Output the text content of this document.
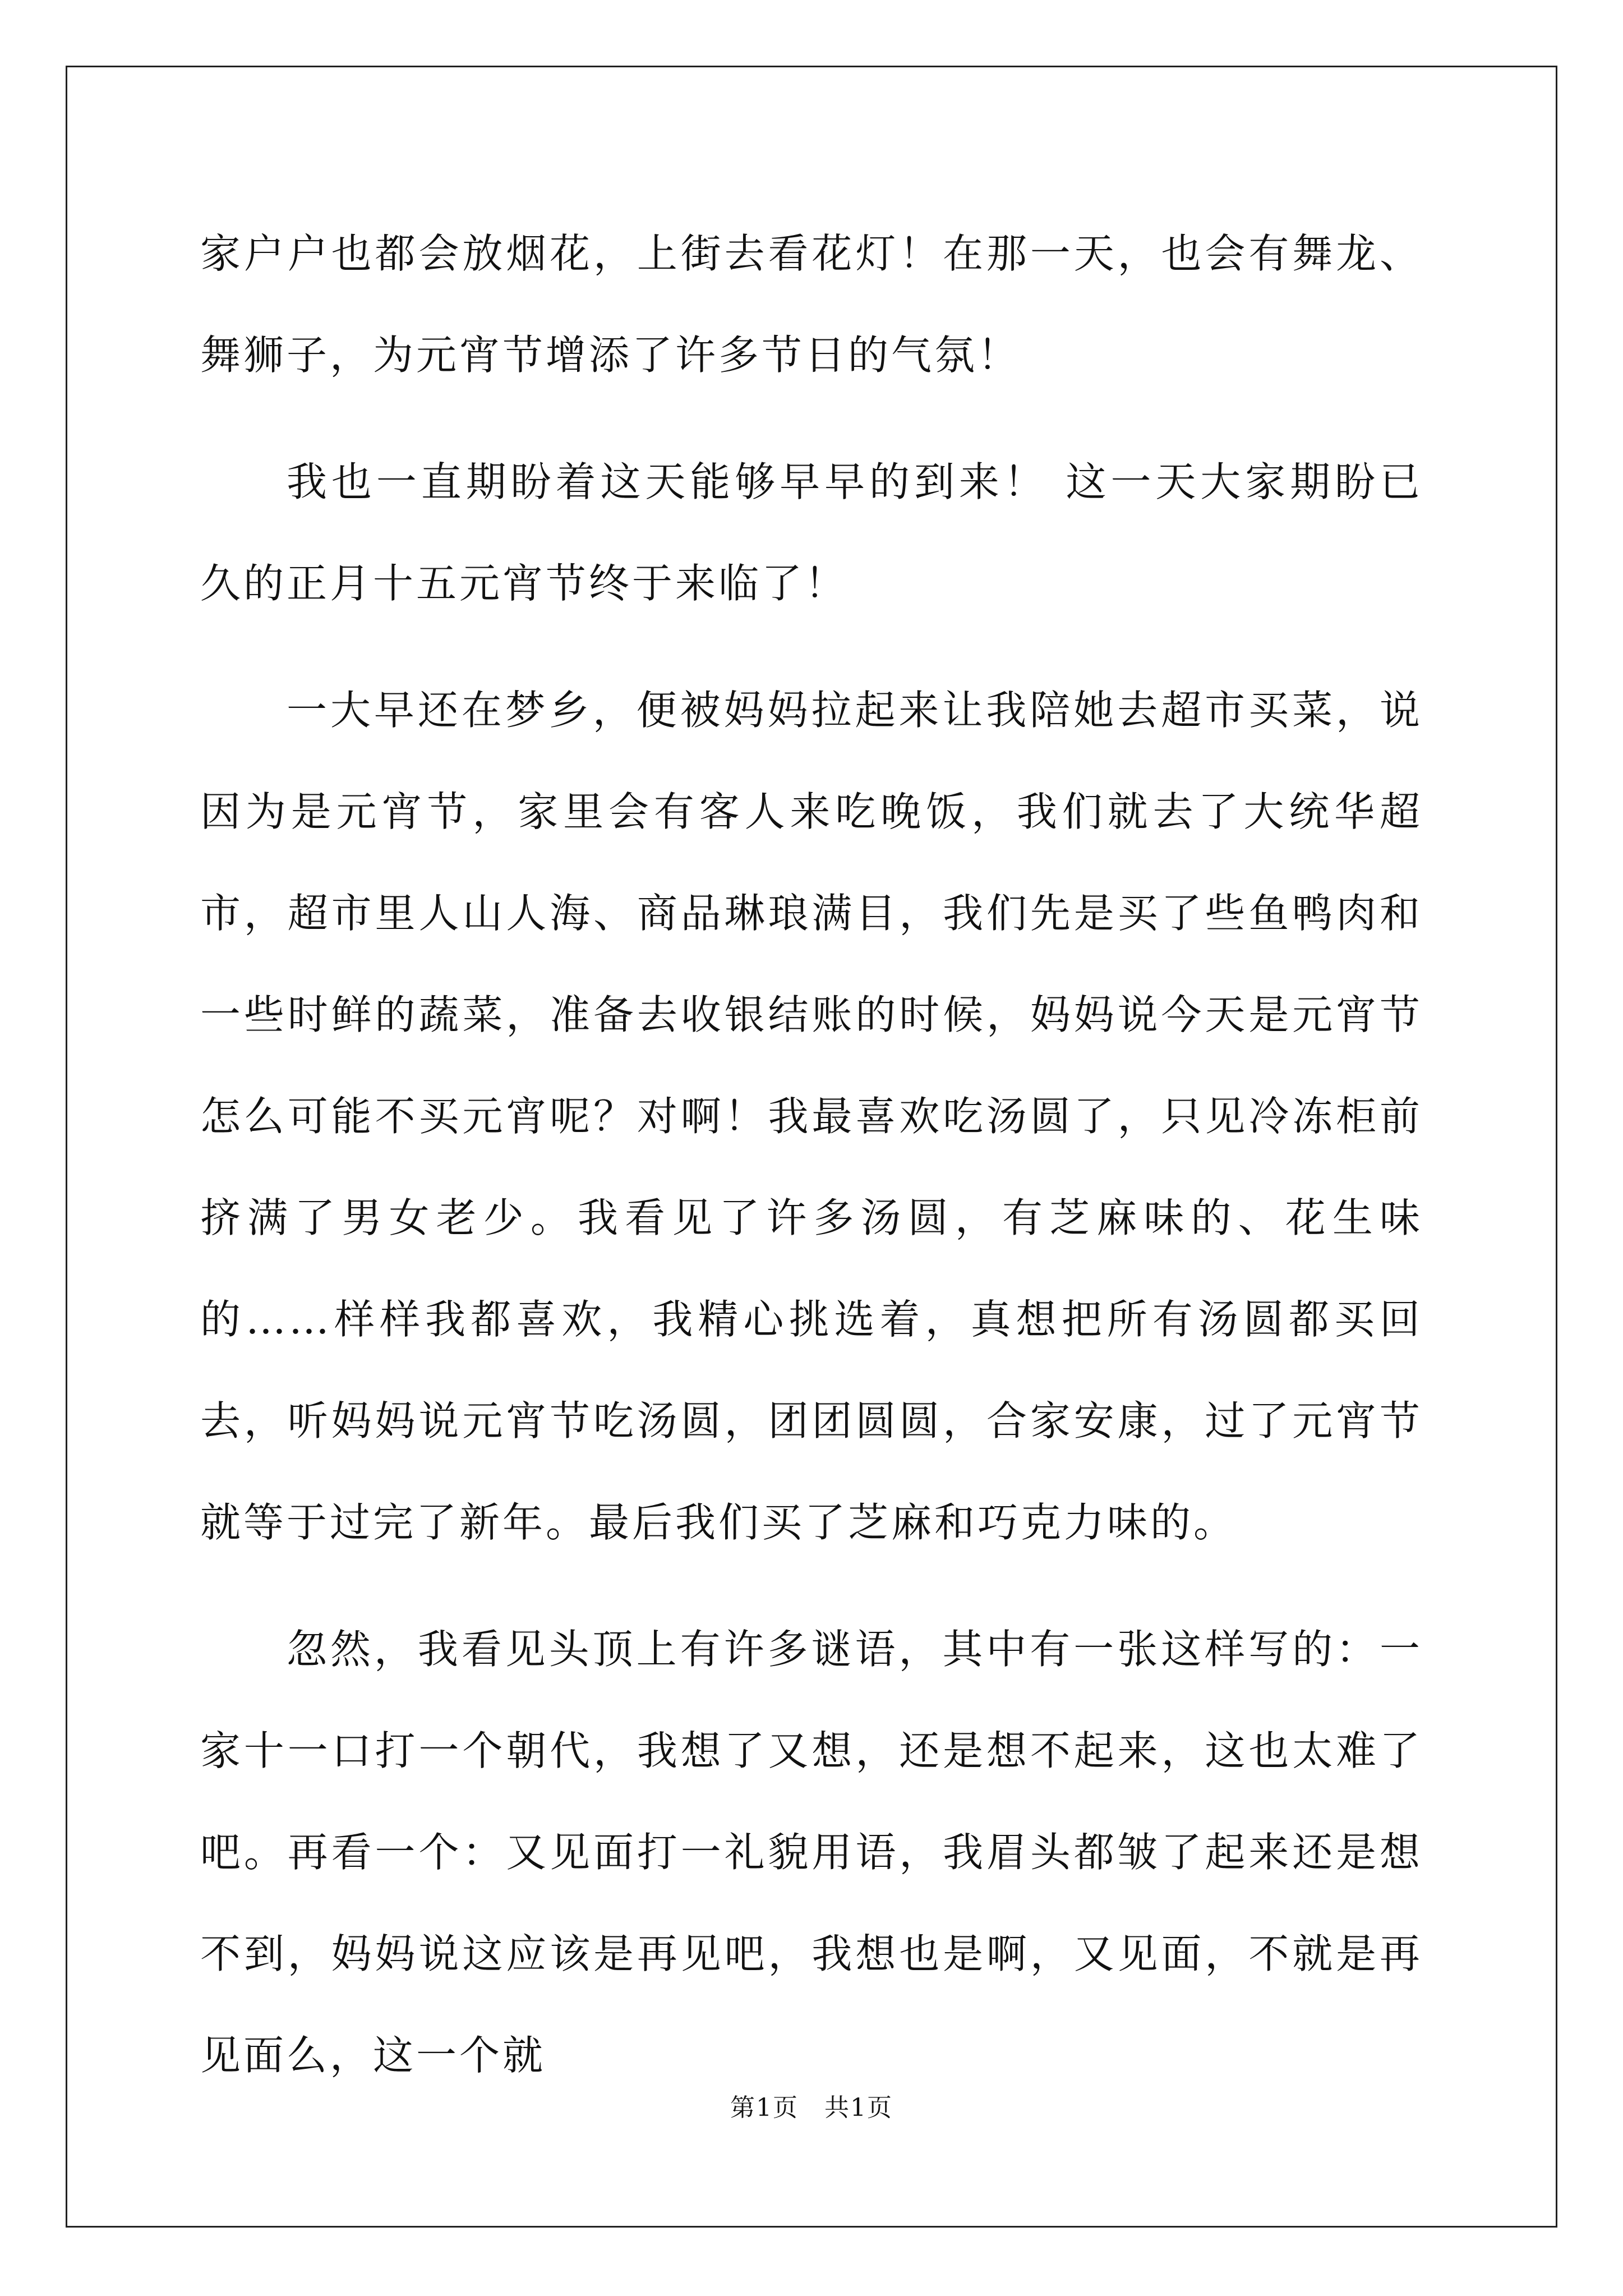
家户户也都会放烟花，上街去看花灯！在那一天，也会有舞龙、舞狮子，为元宵节增添了许多节日的气氛！

我也一直期盼着这天能够早早的到来！ 这一天大家期盼已久的正月十五元宵节终于来临了！

一大早还在梦乡，便被妈妈拉起来让我陪她去超市买菜，说因为是元宵节，家里会有客人来吃晚饭，我们就去了大统华超市，超市里人山人海、商品琳琅满目，我们先是买了些鱼鸭肉和一些时鲜的蔬菜，准备去收银结账的时候，妈妈说今天是元宵节怎么可能不买元宵呢？对啊！我最喜欢吃汤圆了，只见冷冻柜前挤满了男女老少。我看见了许多汤圆，有芝麻味的、花生味的……样样我都喜欢，我精心挑选着，真想把所有汤圆都买回去，听妈妈说元宵节吃汤圆，团团圆圆，合家安康，过了元宵节就等于过完了新年。最后我们买了芝麻和巧克力味的。

忽然，我看见头顶上有许多谜语，其中有一张这样写的：一家十一口打一个朝代，我想了又想，还是想不起来，这也太难了吧。再看一个：又见面打一礼貌用语，我眉头都皱了起来还是想不到，妈妈说这应该是再见吧，我想也是啊，又见面，不就是再见面么，这一个就

第1页　共1页
